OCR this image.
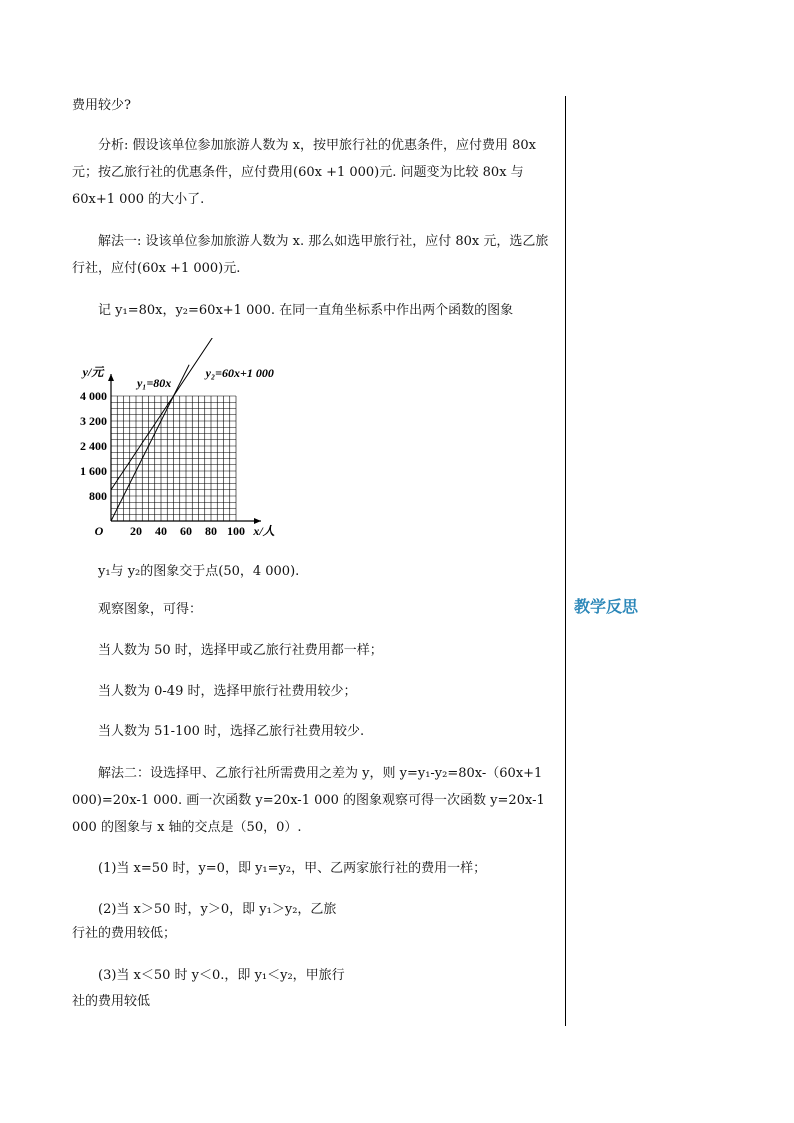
教学反思

费用较少?

分析: 假设该单位参加旅游人数为 x，按甲旅行社的优惠条件，应付费用 80x 元；按乙旅行社的优惠条件，应付费用(60x +1 000)元. 问题变为比较 80x 与 60x+1 000 的大小了.

解法一: 设该单位参加旅游人数为 x. 那么如选甲旅行社，应付 80x 元，选乙旅行社，应付(60x +1 000)元.

记 y₁=80x，y₂=60x+1 000. 在同一直角坐标系中作出两个函数的图象

20 40 60 80 100
800
1 600
2 400
3 200
4 000
O	x/人
y/元
y₁=80x
y₂=60x+1 000

y₁与 y₂的图象交于点(50，4 000).

观察图象，可得：

当人数为 50 时，选择甲或乙旅行社费用都一样；

当人数为 0-49 时，选择甲旅行社费用较少；

当人数为 51-100 时，选择乙旅行社费用较少.

解法二：设选择甲、乙旅行社所需费用之差为 y，则 y=y₁-y₂=80x-（60x+1 000)=20x-1 000. 画一次函数 y=20x-1 000 的图象观察可得一次函数 y=20x-1 000 的图象与 x 轴的交点是（50，0）.

(1)当 x=50 时，y=0，即 y₁=y₂，甲、乙两家旅行社的费用一样；

(2)当 x＞50 时，y＞0，即 y₁＞y₂，乙旅

行社的费用较低；

(3)当 x＜50 时 y＜0.，即 y₁＜y₂，甲旅行

社的费用较低
